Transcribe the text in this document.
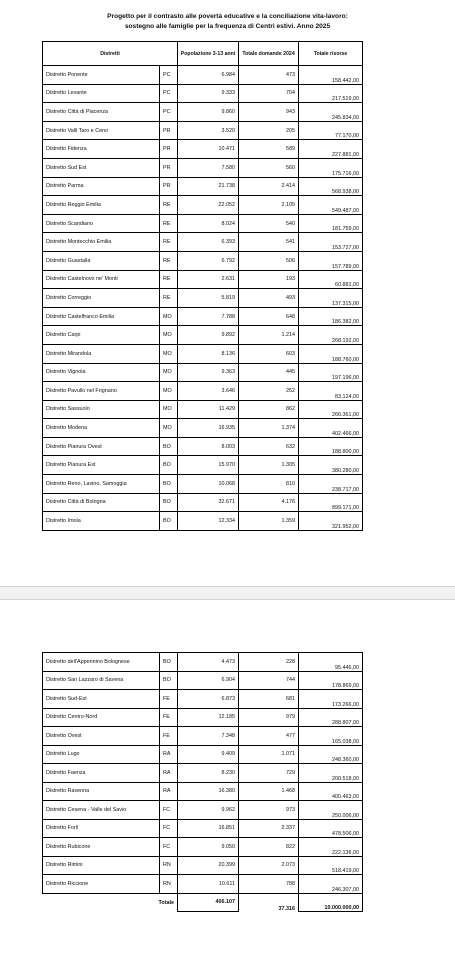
Progetto per il contrasto alle povertà educative e la conciliazione vita-lavoro:
sostegno alle famiglie per la frequenza di Centri estivi. Anno 2025
Distretti		Popolazione 3-13 anni	Totale domande 2024	Totale risorse

Distretto Ponente	PC	6.984	473	158.442,00
Distretto Levante	PC	9.333	704	217.519,00
Distretto Città di Piacenza	PC	9.860	943	245.834,00
Distretto Valli Taro e Ceno	PR	3.520	205	77.170,00
Distretto Fidenza	PR	10.471	589	227.881,00
Distretto Sud Est	PR	7.580	560	175.716,00
Distretto Parma	PR	21.738	2.414	568.938,00
Distretto Reggio Emilia	RE	22.052	2.105	549.487,00
Distretto Scandiano	RE	8.024	540	181.759,00
Distretto Montecchio Emilia	RE	6.393	541	153.727,00
Distretto Guastalla	RE	6.792	506	157.789,00
Distretto Castelnovo ne' Monti	RE	2.631	193	60.881,00
Distretto Correggio	RE	5.819	493	137.315,00
Distretto Castelfranco Emilia	MO	7.788	648	186.382,00
Distretto Carpi	MO	9.892	1.214	268.192,00
Distretto Mirandola	MO	8.136	603	188.760,00
Distretto Vignola	MO	9.363	445	197.196,00
Distretto Pavullo nel Frignano	MO	3.646	252	83.124,00
Distretto Sassuolo	MO	11.429	862	266.361,00
Distretto Modena	MO	16.935	1.374	402.466,00
Distretto Pianura Ovest	BO	8.003	632	188.800,00
Distretto Pianura Est	BO	15.970	1.305	380.280,00
Distretto Reno, Lavino, Samoggia	BO	10.068	810	238.717,00
Distretto Città di Bologna	BO	32.671	4.176	899.171,00
Distretto Imola	BO	12.334	1.359	321.952,00
Distretto dell'Appennino Bolognese	BO	4.473	228	95.446,00
Distretto San Lazzaro di Savena	BO	6.904	744	178.869,00
Distretto Sud-Est	FE	6.873	681	173.266,00
Distretto Centro-Nord	FE	12.185	979	288.807,00
Distretto Ovest	FE	7.348	477	165.038,00
Distretto Lugo	RA	9.409	1.071	248.360,00
Distretto Faenza	RA	8.230	729	200.518,00
Distretto Ravenna	RA	16.380	1.468	400.463,00
Distretto Cesena - Valle del Savio	FC	9.962	973	250.006,00
Distretto Forlì	FC	16.851	2.337	478.506,00
Distretto Rubicone	FC	9.050	822	222.136,00
Distretto Rimini	RN	20.399	2.073	518.419,00
Distretto Riccione	RN	10.611	788	246.307,00
Totale		406.107	37.316	10.000.000,00
